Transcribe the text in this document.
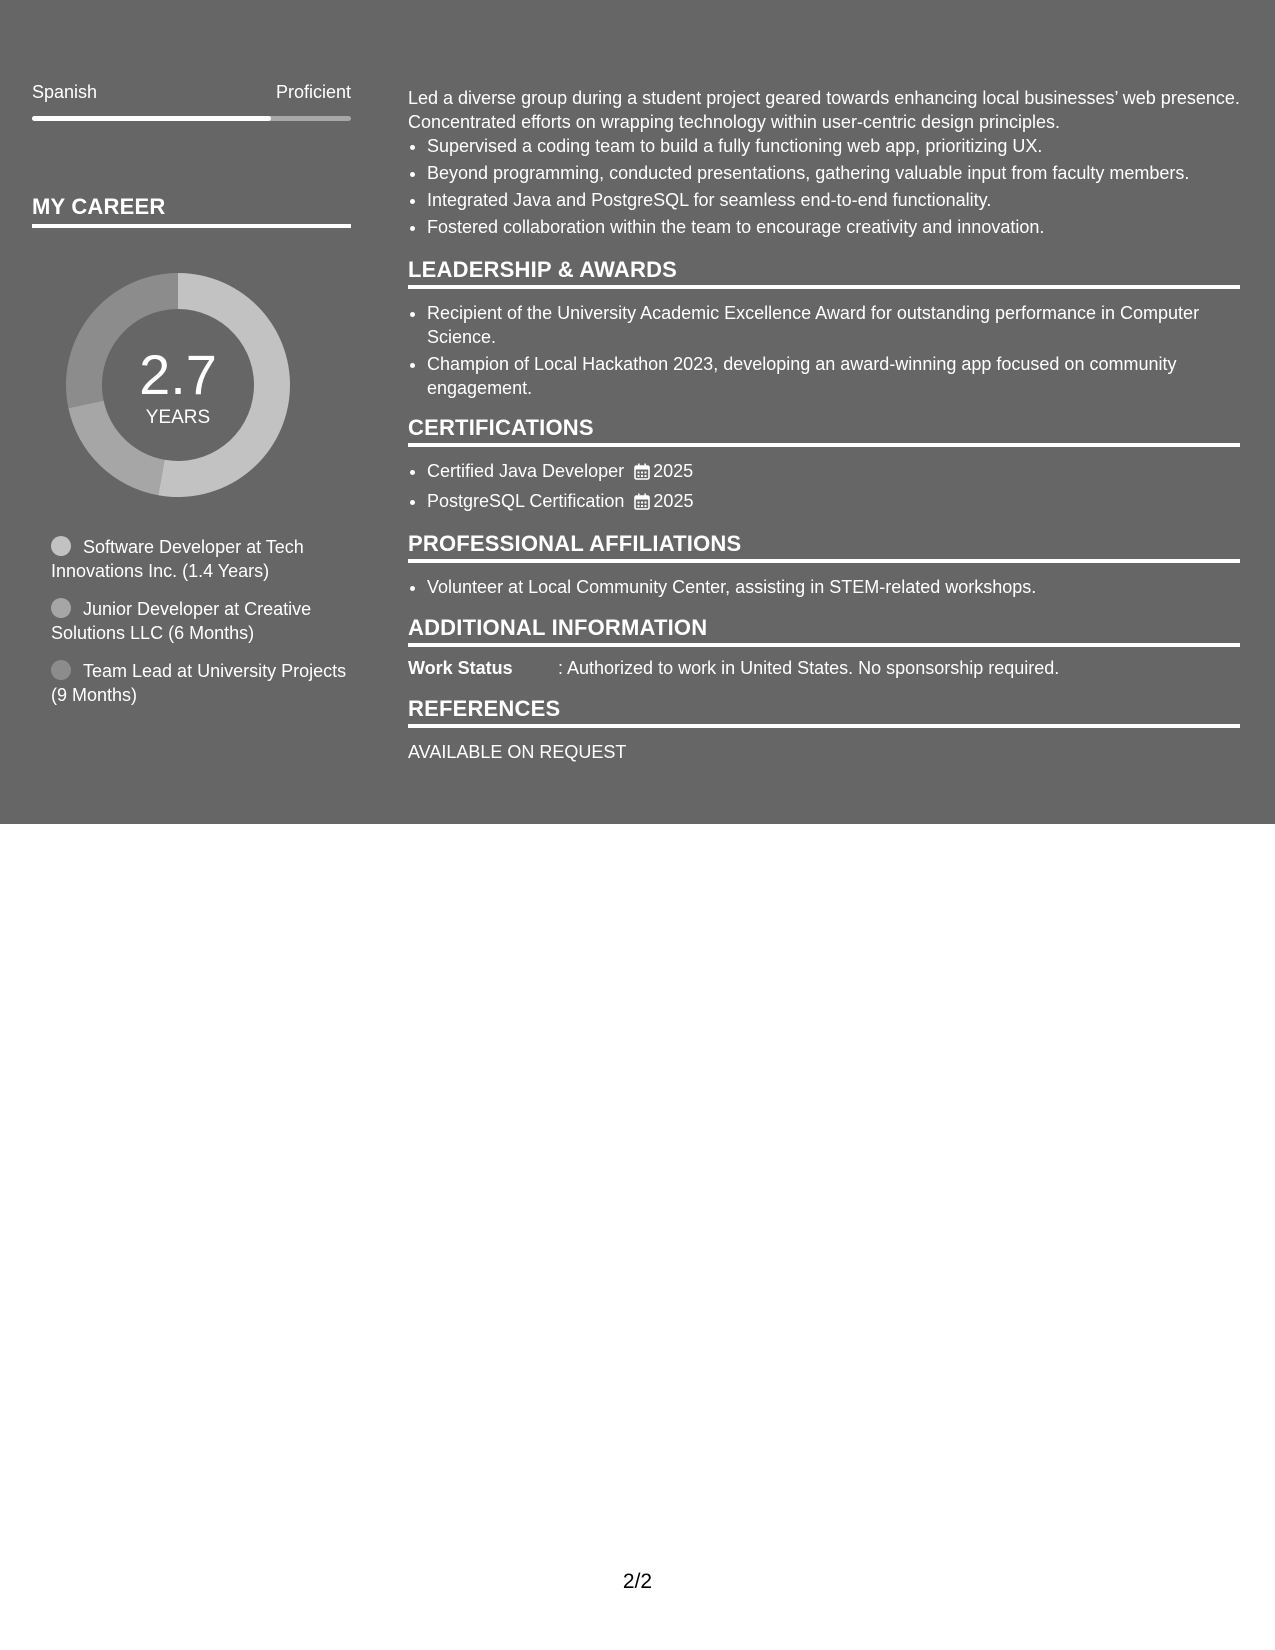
Spanish	Proficient
MY CAREER
2.7
YEARS
Software Developer at Tech Innovations Inc. (1.4 Years)
Junior Developer at Creative Solutions LLC (6 Months)
Team Lead at University Projects (9 Months)

Led a diverse group during a student project geared towards enhancing local businesses’ web presence. Concentrated efforts on wrapping technology within user-centric design principles.

• Supervised a coding team to build a fully functioning web app, prioritizing UX.
• Beyond programming, conducted presentations, gathering valuable input from faculty members.
• Integrated Java and PostgreSQL for seamless end-to-end functionality.
• Fostered collaboration within the team to encourage creativity and innovation.
LEADERSHIP & AWARDS
• Recipient of the University Academic Excellence Award for outstanding performance in Computer Science.
• Champion of Local Hackathon 2023, developing an award-winning app focused on community engagement.
CERTIFICATIONS
• Certified Java Developer 2025
• PostgreSQL Certification 2025
PROFESSIONAL AFFILIATIONS
• Volunteer at Local Community Center, assisting in STEM-related workshops.
ADDITIONAL INFORMATION
Work Status	: Authorized to work in United States. No sponsorship required.
REFERENCES
AVAILABLE ON REQUEST
2/2
